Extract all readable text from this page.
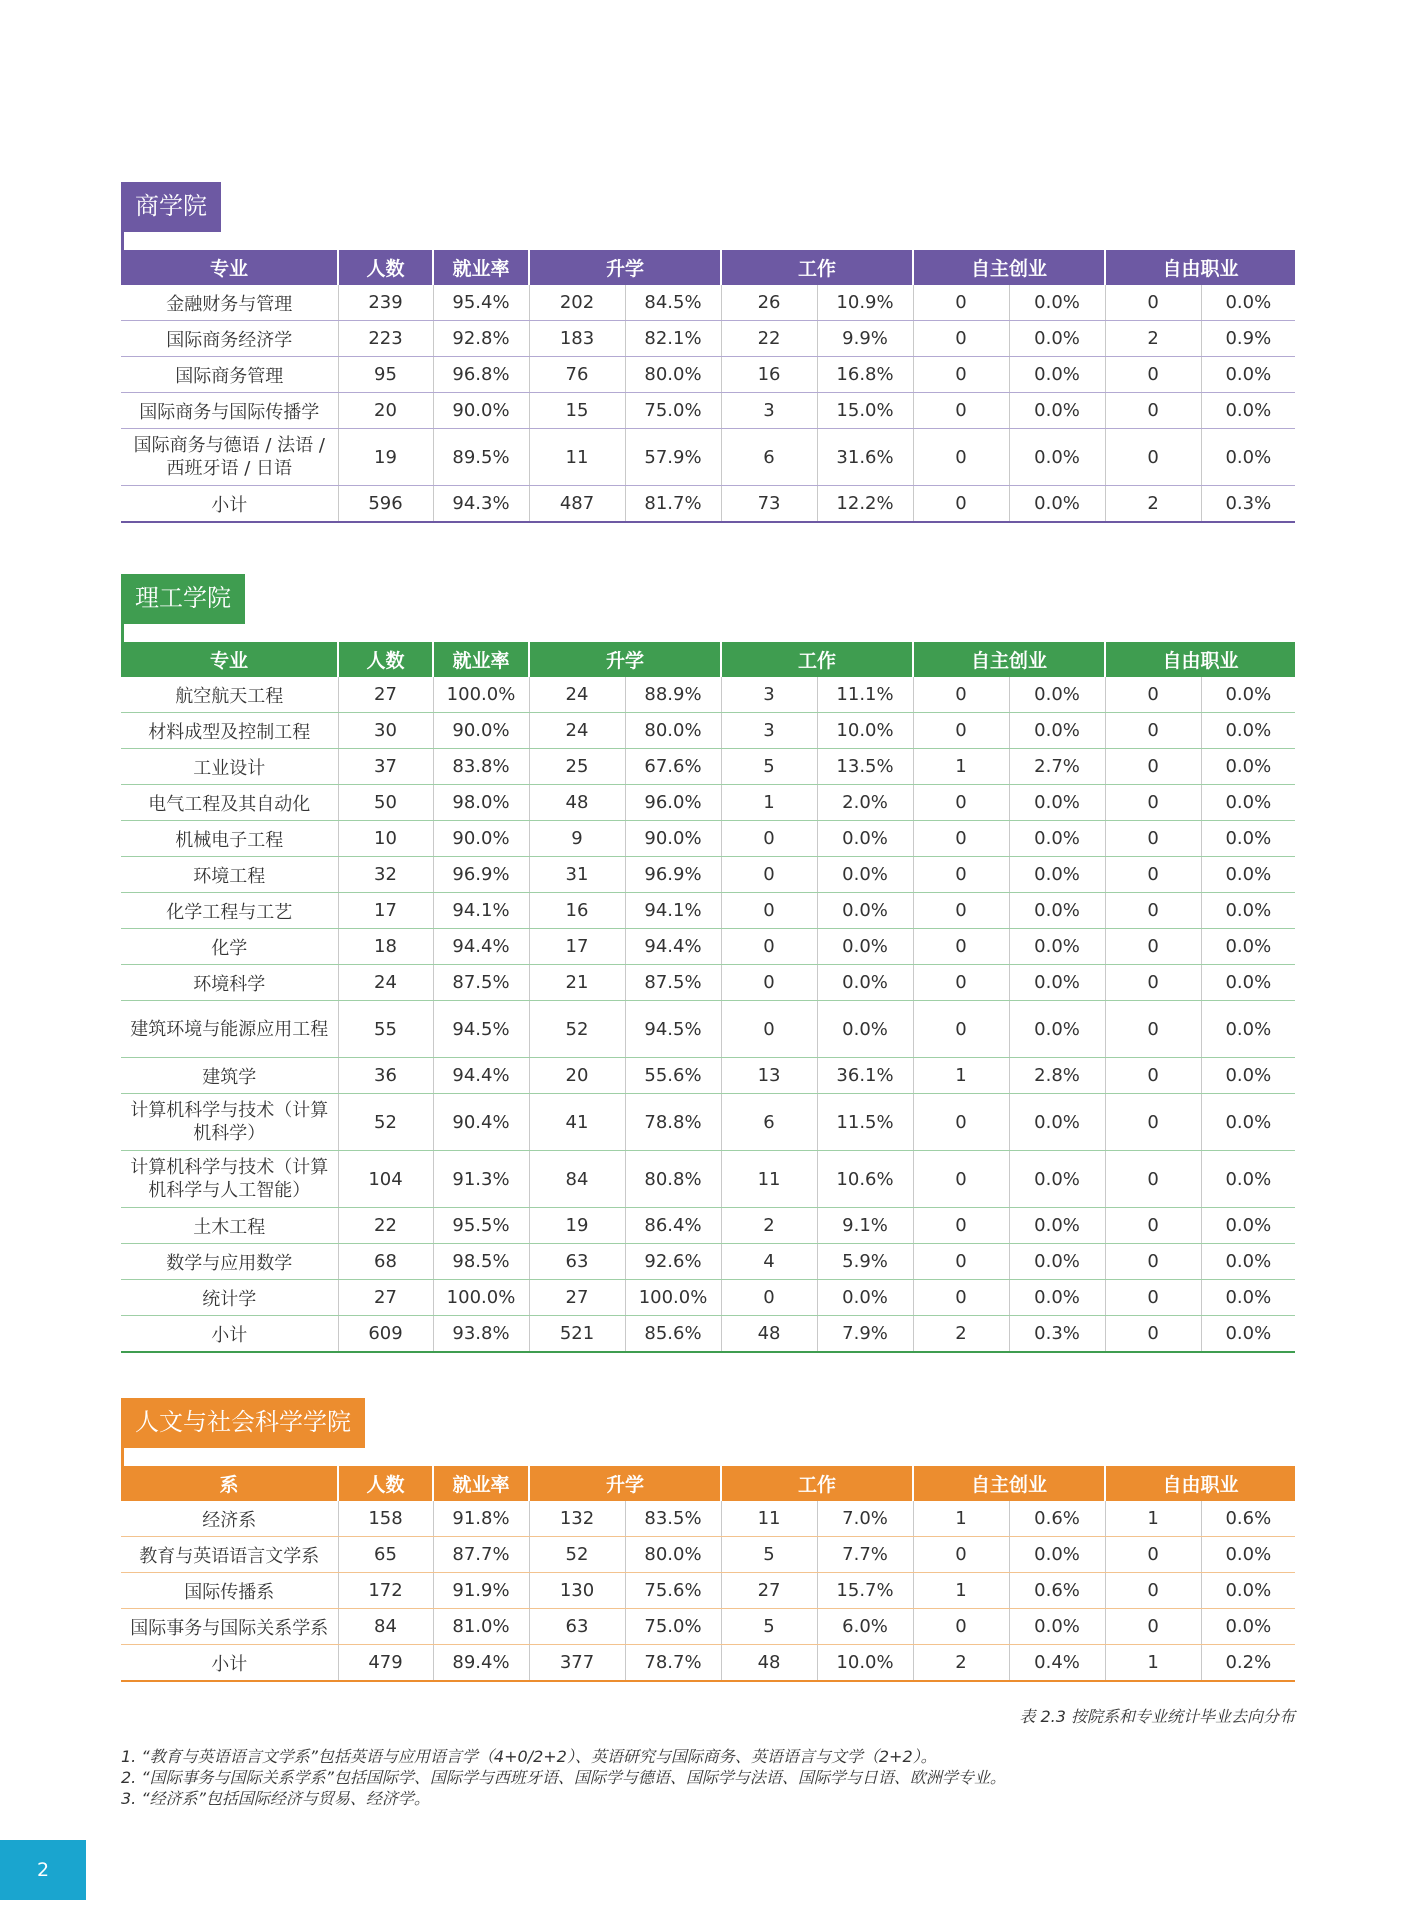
商学院
专业	人数	就业率	升学		工作		自主创业		自由职业	
金融财务与管理	239	95.4%	202	84.5%	26	10.9%	0	0.0%	0	0.0%
国际商务经济学	223	92.8%	183	82.1%	22	9.9%	0	0.0%	2	0.9%
国际商务管理	95	96.8%	76	80.0%	16	16.8%	0	0.0%	0	0.0%
国际商务与国际传播学	20	90.0%	15	75.0%	3	15.0%	0	0.0%	0	0.0%
国际商务与德语 / 法语 / 西班牙语 / 日语	19	89.5%	11	57.9%	6	31.6%	0	0.0%	0	0.0%
小计	596	94.3%	487	81.7%	73	12.2%	0	0.0%	2	0.3%
理工学院
专业	人数	就业率	升学		工作		自主创业		自由职业	
航空航天工程	27	100.0%	24	88.9%	3	11.1%	0	0.0%	0	0.0%
材料成型及控制工程	30	90.0%	24	80.0%	3	10.0%	0	0.0%	0	0.0%
工业设计	37	83.8%	25	67.6%	5	13.5%	1	2.7%	0	0.0%
电气工程及其自动化	50	98.0%	48	96.0%	1	2.0%	0	0.0%	0	0.0%
机械电子工程	10	90.0%	9	90.0%	0	0.0%	0	0.0%	0	0.0%
环境工程	32	96.9%	31	96.9%	0	0.0%	0	0.0%	0	0.0%
化学工程与工艺	17	94.1%	16	94.1%	0	0.0%	0	0.0%	0	0.0%
化学	18	94.4%	17	94.4%	0	0.0%	0	0.0%	0	0.0%
环境科学	24	87.5%	21	87.5%	0	0.0%	0	0.0%	0	0.0%
建筑环境与能源应用工程	55	94.5%	52	94.5%	0	0.0%	0	0.0%	0	0.0%
建筑学	36	94.4%	20	55.6%	13	36.1%	1	2.8%	0	0.0%
计算机科学与技术（计算机科学）	52	90.4%	41	78.8%	6	11.5%	0	0.0%	0	0.0%
计算机科学与技术（计算机科学与人工智能）	104	91.3%	84	80.8%	11	10.6%	0	0.0%	0	0.0%
土木工程	22	95.5%	19	86.4%	2	9.1%	0	0.0%	0	0.0%
数学与应用数学	68	98.5%	63	92.6%	4	5.9%	0	0.0%	0	0.0%
统计学	27	100.0%	27	100.0%	0	0.0%	0	0.0%	0	0.0%
小计	609	93.8%	521	85.6%	48	7.9%	2	0.3%	0	0.0%
人文与社会科学学院
系	人数	就业率	升学		工作		自主创业		自由职业	
经济系	158	91.8%	132	83.5%	11	7.0%	1	0.6%	1	0.6%
教育与英语语言文学系	65	87.7%	52	80.0%	5	7.7%	0	0.0%	0	0.0%
国际传播系	172	91.9%	130	75.6%	27	15.7%	1	0.6%	0	0.0%
国际事务与国际关系学系	84	81.0%	63	75.0%	5	6.0%	0	0.0%	0	0.0%
小计	479	89.4%	377	78.7%	48	10.0%	2	0.4%	1	0.2%
表 2.3 按院系和专业统计毕业去向分布
1. “教育与英语语言文学系”包括英语与应用语言学（4+0/2+2）、英语研究与国际商务、英语语言与文学（2+2）。
2. “国际事务与国际关系学系”包括国际学、国际学与西班牙语、国际学与德语、国际学与法语、国际学与日语、欧洲学专业。
3. “经济系”包括国际经济与贸易、经济学。
2
